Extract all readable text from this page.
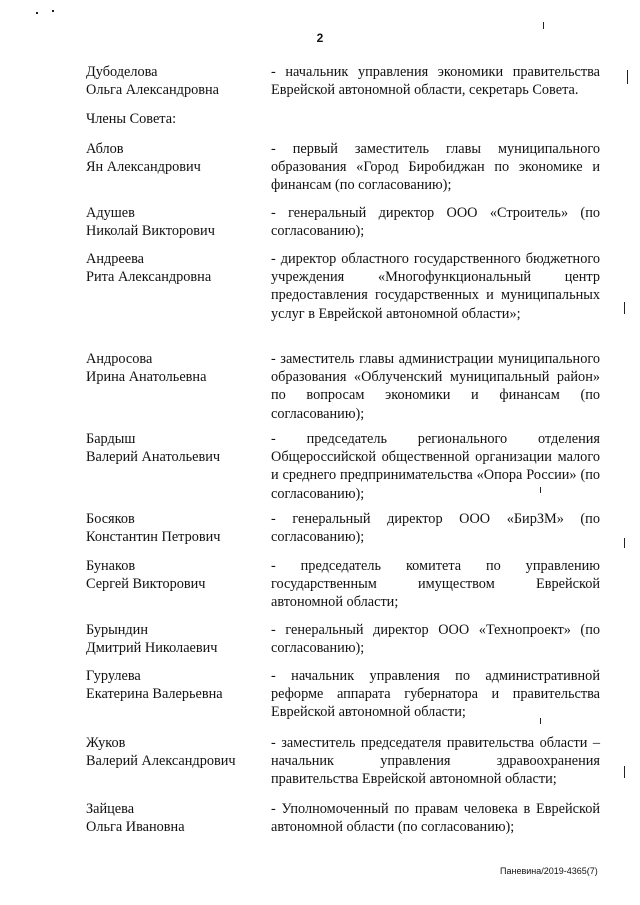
2
Дубоделова
Ольга Александровна
- начальник управления экономики правительства Еврейской автономной области, секретарь Совета.
Члены Совета:
Аблов
Ян Александрович
- первый заместитель главы муниципального образования «Город Биробиджан по экономике и финансам (по согласованию);
Адушев
Николай Викторович
- генеральный директор ООО «Строитель» (по согласованию);
Андреева
Рита Александровна
- директор областного государственного бюджетного учреждения «Многофункциональный центр предоставления государственных и муниципальных услуг в Еврейской автономной области»;
Андросова
Ирина Анатольевна
- заместитель главы администрации муниципального образования «Облученский муниципальный район» по вопросам экономики и финансам (по согласованию);
Бардыш
Валерий Анатольевич
- председатель регионального отделения Общероссийской общественной организации малого и среднего предпринимательства «Опора России» (по согласованию);
Босяков
Константин Петрович
- генеральный директор ООО «БирЗМ» (по согласованию);
Бунаков
Сергей Викторович
- председатель комитета по управлению государственным имуществом Еврейской автономной области;
Бурындин
Дмитрий Николаевич
- генеральный директор ООО «Технопроект» (по согласованию);
Гурулева
Екатерина Валерьевна
- начальник управления по административной реформе аппарата губернатора и правительства Еврейской автономной области;
Жуков
Валерий Александрович
- заместитель председателя правительства области – начальник управления здравоохранения правительства Еврейской автономной области;
Зайцева
Ольга Ивановна
- Уполномоченный по правам человека в Еврейской автономной области (по согласованию);
Паневина/2019-4365(7)
